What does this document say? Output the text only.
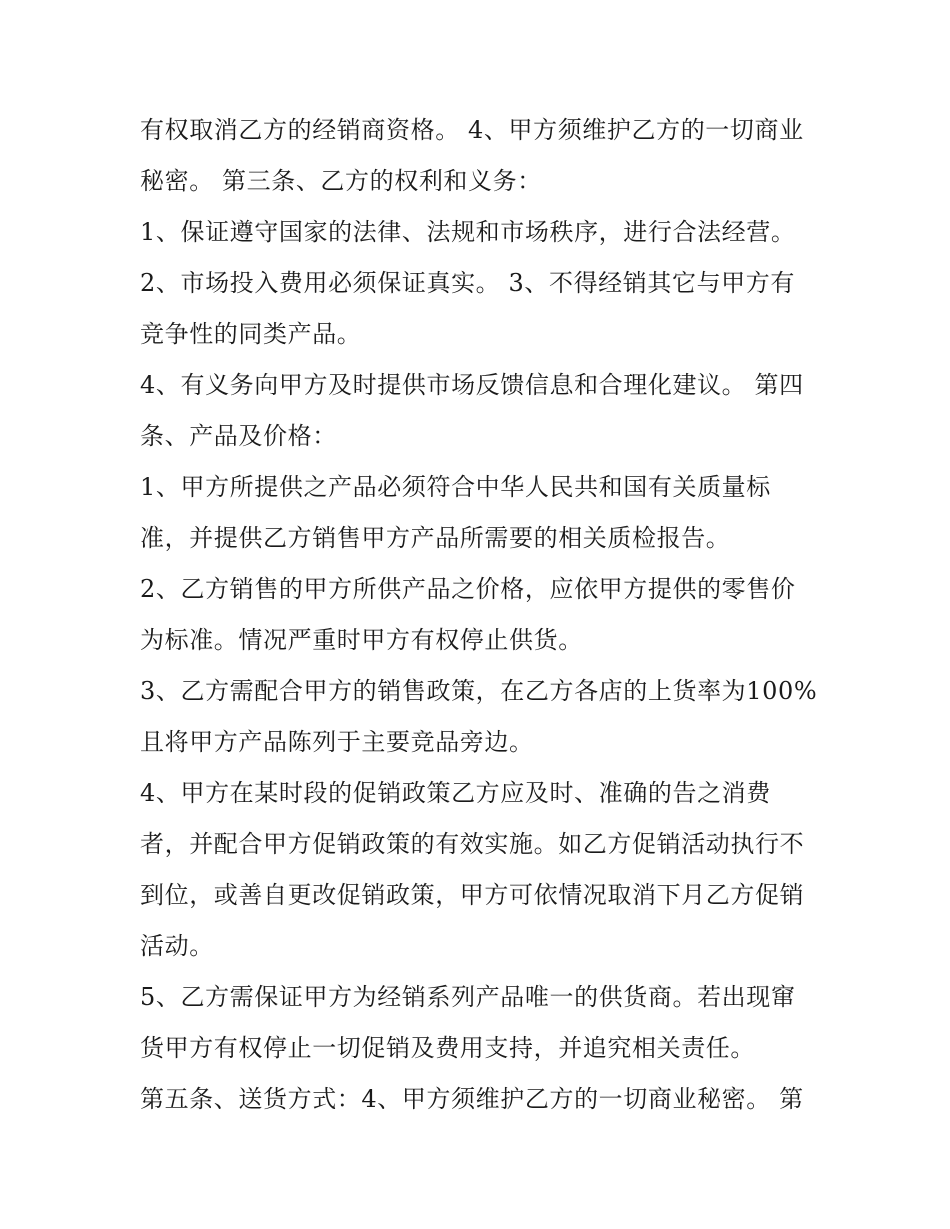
有权取消乙方的经销商资格。 4、甲方须维护乙方的一切商业
秘密。 第三条、乙方的权利和义务：
1、保证遵守国家的法律、法规和市场秩序，进行合法经营。
2、市场投入费用必须保证真实。 3、不得经销其它与甲方有
竞争性的同类产品。
4、有义务向甲方及时提供市场反馈信息和合理化建议。 第四
条、产品及价格：
1、甲方所提供之产品必须符合中华人民共和国有关质量标
准，并提供乙方销售甲方产品所需要的相关质检报告。
2、乙方销售的甲方所供产品之价格，应依甲方提供的零售价
为标准。情况严重时甲方有权停止供货。
3、乙方需配合甲方的销售政策，在乙方各店的上货率为100%
且将甲方产品陈列于主要竞品旁边。
4、甲方在某时段的促销政策乙方应及时、准确的告之消费
者，并配合甲方促销政策的有效实施。如乙方促销活动执行不
到位，或善自更改促销政策，甲方可依情况取消下月乙方促销
活动。
5、乙方需保证甲方为经销系列产品唯一的供货商。若出现窜
货甲方有权停止一切促销及费用支持，并追究相关责任。
第五条、送货方式：4、甲方须维护乙方的一切商业秘密。 第
